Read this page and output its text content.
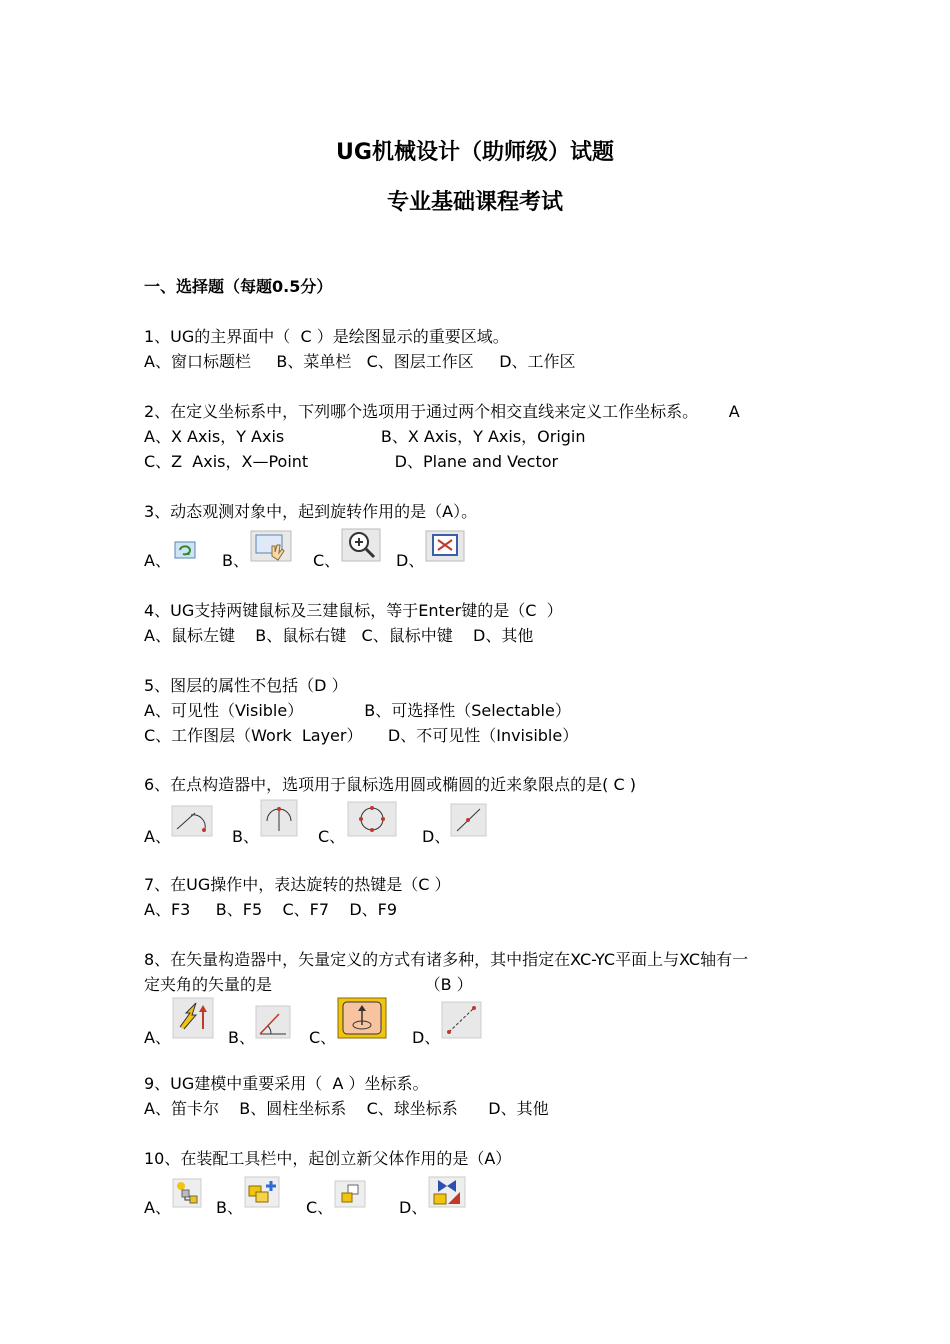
UG机械设计（助师级）试题
专业基础课程考试
一、选择题（每题0.5分）
1、UG的主界面中（  C ）是绘图显示的重要区域。
A、窗口标题栏     B、菜单栏   C、图层工作区     D、工作区
2、在定义坐标系中，下列哪个选项用于通过两个相交直线来定义工作坐标系。      A
A、X Axis，Y Axis                   B、X Axis，Y Axis，Origin
C、Z  Axis，X—Point                 D、Plane and Vector
3、动态观测对象中，起到旋转作用的是（A）。
A、	B、	C、	D、
4、UG支持两键鼠标及三建鼠标，等于Enter键的是（C  ）
A、鼠标左键    B、鼠标右键   C、鼠标中键    D、其他
5、图层的属性不包括（D ）
A、可见性（Visible）            B、可选择性（Selectable）
C、工作图层（Work  Layer）     D、不可见性（Invisible）
6、在点构造器中，选项用于鼠标选用圆或椭圆的近来象限点的是( C )
A、	B、	C、	D、
7、在UG操作中，表达旋转的热键是（C ）
A、F3     B、F5    C、F7    D、F9
8、在矢量构造器中，矢量定义的方式有诸多种，其中指定在XC-YC平面上与XC轴有一
定夹角的矢量的是                              （B ）
A、	B、	C、	D、
9、UG建模中重要采用（  A ）坐标系。
A、笛卡尔    B、圆柱坐标系    C、球坐标系      D、其他
10、在装配工具栏中，起创立新父体作用的是（A）
A、	B、	C、	D、
